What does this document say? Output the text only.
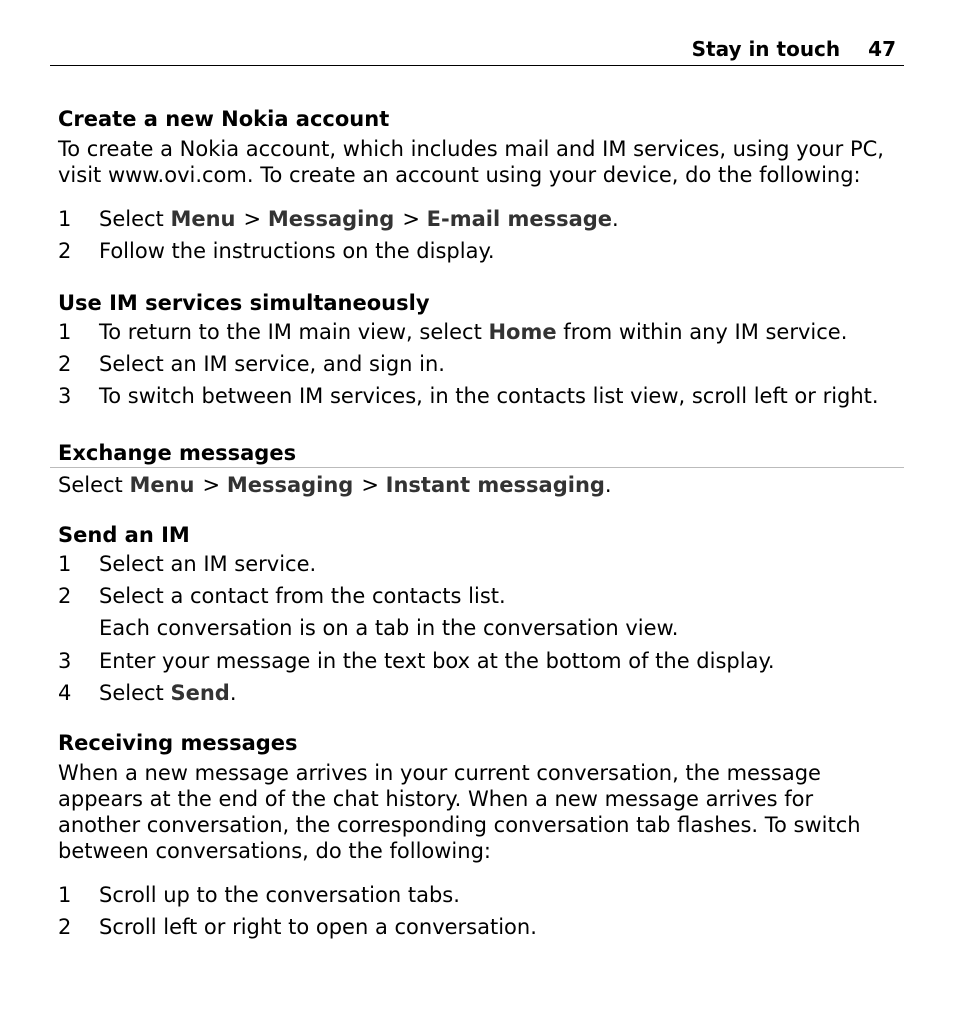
Stay in touch 47
Create a new Nokia account
To create a Nokia account, which includes mail and IM services, using your PC, visit www.ovi.com. To create an account using your device, do the following:
1 Select Menu > Messaging > E-mail message.
2 Follow the instructions on the display.
Use IM services simultaneously
1 To return to the IM main view, select Home from within any IM service.
2 Select an IM service, and sign in.
3 To switch between IM services, in the contacts list view, scroll left or right.
Exchange messages
Select Menu > Messaging > Instant messaging.
Send an IM
1 Select an IM service.
2 Select a contact from the contacts list.
Each conversation is on a tab in the conversation view.
3 Enter your message in the text box at the bottom of the display.
4 Select Send.
Receiving messages
When a new message arrives in your current conversation, the message appears at the end of the chat history. When a new message arrives for another conversation, the corresponding conversation tab flashes. To switch between conversations, do the following:
1 Scroll up to the conversation tabs.
2 Scroll left or right to open a conversation.
